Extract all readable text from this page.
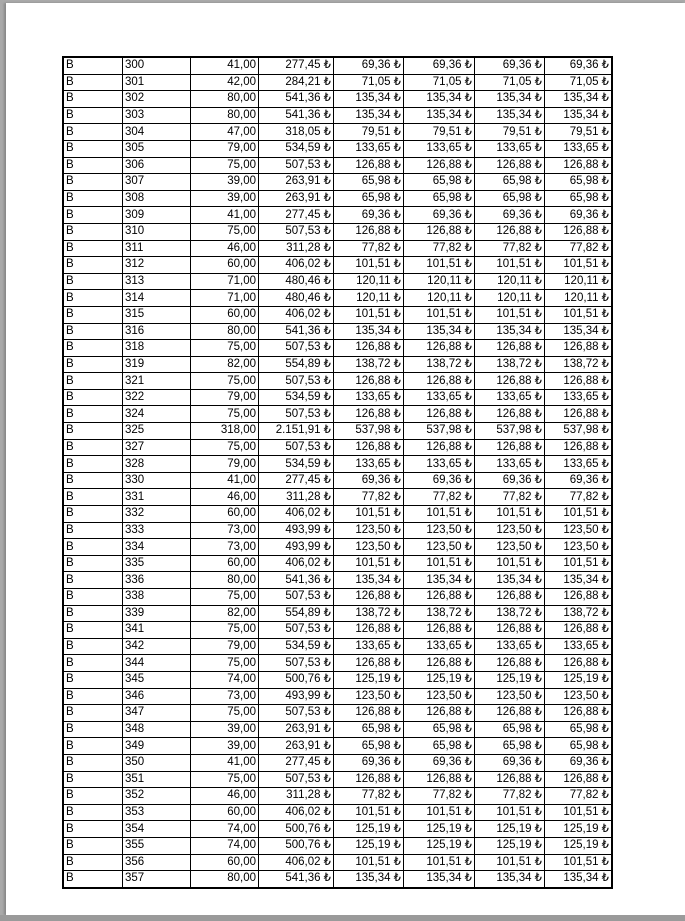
B	300	41,00	277,45 ₺	69,36 ₺	69,36 ₺	69,36 ₺	69,36 ₺
B	301	42,00	284,21 ₺	71,05 ₺	71,05 ₺	71,05 ₺	71,05 ₺
B	302	80,00	541,36 ₺	135,34 ₺	135,34 ₺	135,34 ₺	135,34 ₺
B	303	80,00	541,36 ₺	135,34 ₺	135,34 ₺	135,34 ₺	135,34 ₺
B	304	47,00	318,05 ₺	79,51 ₺	79,51 ₺	79,51 ₺	79,51 ₺
B	305	79,00	534,59 ₺	133,65 ₺	133,65 ₺	133,65 ₺	133,65 ₺
B	306	75,00	507,53 ₺	126,88 ₺	126,88 ₺	126,88 ₺	126,88 ₺
B	307	39,00	263,91 ₺	65,98 ₺	65,98 ₺	65,98 ₺	65,98 ₺
B	308	39,00	263,91 ₺	65,98 ₺	65,98 ₺	65,98 ₺	65,98 ₺
B	309	41,00	277,45 ₺	69,36 ₺	69,36 ₺	69,36 ₺	69,36 ₺
B	310	75,00	507,53 ₺	126,88 ₺	126,88 ₺	126,88 ₺	126,88 ₺
B	311	46,00	311,28 ₺	77,82 ₺	77,82 ₺	77,82 ₺	77,82 ₺
B	312	60,00	406,02 ₺	101,51 ₺	101,51 ₺	101,51 ₺	101,51 ₺
B	313	71,00	480,46 ₺	120,11 ₺	120,11 ₺	120,11 ₺	120,11 ₺
B	314	71,00	480,46 ₺	120,11 ₺	120,11 ₺	120,11 ₺	120,11 ₺
B	315	60,00	406,02 ₺	101,51 ₺	101,51 ₺	101,51 ₺	101,51 ₺
B	316	80,00	541,36 ₺	135,34 ₺	135,34 ₺	135,34 ₺	135,34 ₺
B	318	75,00	507,53 ₺	126,88 ₺	126,88 ₺	126,88 ₺	126,88 ₺
B	319	82,00	554,89 ₺	138,72 ₺	138,72 ₺	138,72 ₺	138,72 ₺
B	321	75,00	507,53 ₺	126,88 ₺	126,88 ₺	126,88 ₺	126,88 ₺
B	322	79,00	534,59 ₺	133,65 ₺	133,65 ₺	133,65 ₺	133,65 ₺
B	324	75,00	507,53 ₺	126,88 ₺	126,88 ₺	126,88 ₺	126,88 ₺
B	325	318,00	2.151,91 ₺	537,98 ₺	537,98 ₺	537,98 ₺	537,98 ₺
B	327	75,00	507,53 ₺	126,88 ₺	126,88 ₺	126,88 ₺	126,88 ₺
B	328	79,00	534,59 ₺	133,65 ₺	133,65 ₺	133,65 ₺	133,65 ₺
B	330	41,00	277,45 ₺	69,36 ₺	69,36 ₺	69,36 ₺	69,36 ₺
B	331	46,00	311,28 ₺	77,82 ₺	77,82 ₺	77,82 ₺	77,82 ₺
B	332	60,00	406,02 ₺	101,51 ₺	101,51 ₺	101,51 ₺	101,51 ₺
B	333	73,00	493,99 ₺	123,50 ₺	123,50 ₺	123,50 ₺	123,50 ₺
B	334	73,00	493,99 ₺	123,50 ₺	123,50 ₺	123,50 ₺	123,50 ₺
B	335	60,00	406,02 ₺	101,51 ₺	101,51 ₺	101,51 ₺	101,51 ₺
B	336	80,00	541,36 ₺	135,34 ₺	135,34 ₺	135,34 ₺	135,34 ₺
B	338	75,00	507,53 ₺	126,88 ₺	126,88 ₺	126,88 ₺	126,88 ₺
B	339	82,00	554,89 ₺	138,72 ₺	138,72 ₺	138,72 ₺	138,72 ₺
B	341	75,00	507,53 ₺	126,88 ₺	126,88 ₺	126,88 ₺	126,88 ₺
B	342	79,00	534,59 ₺	133,65 ₺	133,65 ₺	133,65 ₺	133,65 ₺
B	344	75,00	507,53 ₺	126,88 ₺	126,88 ₺	126,88 ₺	126,88 ₺
B	345	74,00	500,76 ₺	125,19 ₺	125,19 ₺	125,19 ₺	125,19 ₺
B	346	73,00	493,99 ₺	123,50 ₺	123,50 ₺	123,50 ₺	123,50 ₺
B	347	75,00	507,53 ₺	126,88 ₺	126,88 ₺	126,88 ₺	126,88 ₺
B	348	39,00	263,91 ₺	65,98 ₺	65,98 ₺	65,98 ₺	65,98 ₺
B	349	39,00	263,91 ₺	65,98 ₺	65,98 ₺	65,98 ₺	65,98 ₺
B	350	41,00	277,45 ₺	69,36 ₺	69,36 ₺	69,36 ₺	69,36 ₺
B	351	75,00	507,53 ₺	126,88 ₺	126,88 ₺	126,88 ₺	126,88 ₺
B	352	46,00	311,28 ₺	77,82 ₺	77,82 ₺	77,82 ₺	77,82 ₺
B	353	60,00	406,02 ₺	101,51 ₺	101,51 ₺	101,51 ₺	101,51 ₺
B	354	74,00	500,76 ₺	125,19 ₺	125,19 ₺	125,19 ₺	125,19 ₺
B	355	74,00	500,76 ₺	125,19 ₺	125,19 ₺	125,19 ₺	125,19 ₺
B	356	60,00	406,02 ₺	101,51 ₺	101,51 ₺	101,51 ₺	101,51 ₺
B	357	80,00	541,36 ₺	135,34 ₺	135,34 ₺	135,34 ₺	135,34 ₺
